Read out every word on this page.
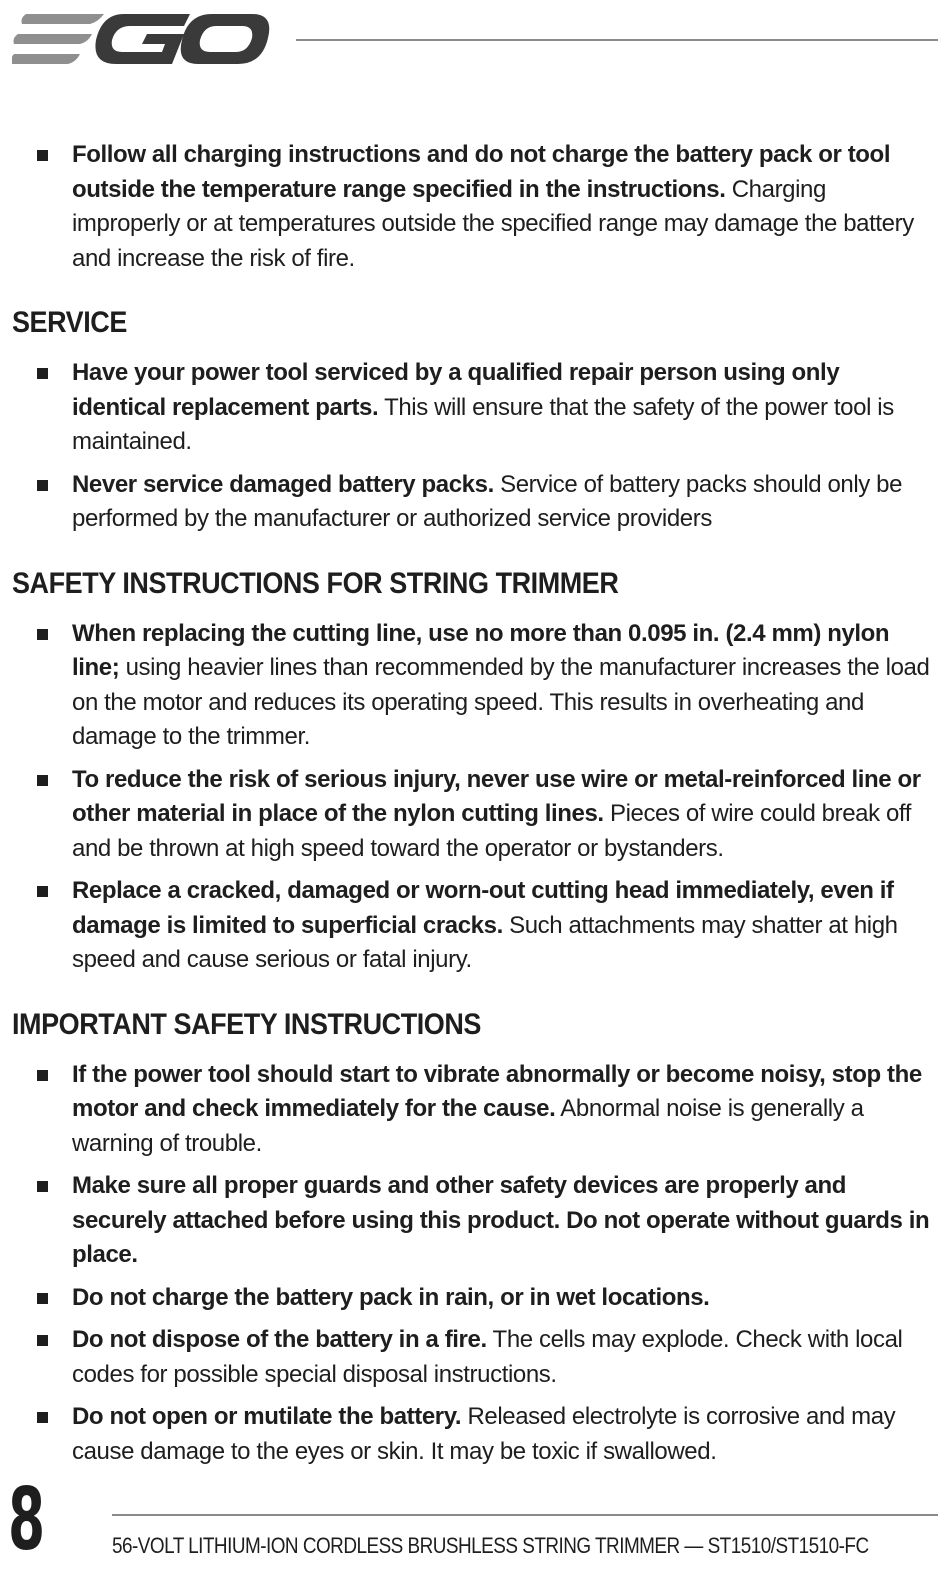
Follow all charging instructions and do not charge the battery pack or tool outside the temperature range specified in the instructions. Charging improperly or at temperatures outside the specified range may damage the battery and increase the risk of fire.
SERVICE
Have your power tool serviced by a qualified repair person using only identical replacement parts. This will ensure that the safety of the power tool is maintained.
Never service damaged battery packs. Service of battery packs should only be performed by the manufacturer or authorized service providers
SAFETY INSTRUCTIONS FOR STRING TRIMMER
When replacing the cutting line, use no more than 0.095 in. (2.4 mm) nylon line; using heavier lines than recommended by the manufacturer increases the load on the motor and reduces its operating speed. This results in overheating and damage to the trimmer.
To reduce the risk of serious injury, never use wire or metal-reinforced line or other material in place of the nylon cutting lines. Pieces of wire could break off and be thrown at high speed toward the operator or bystanders.
Replace a cracked, damaged or worn-out cutting head immediately, even if damage is limited to superficial cracks. Such attachments may shatter at high speed and cause serious or fatal injury.
IMPORTANT SAFETY INSTRUCTIONS
If the power tool should start to vibrate abnormally or become noisy, stop the motor and check immediately for the cause. Abnormal noise is generally a warning of trouble.
Make sure all proper guards and other safety devices are properly and securely attached before using this product. Do not operate without guards in place.
Do not charge the battery pack in rain, or in wet locations.
Do not dispose of the battery in a fire. The cells may explode. Check with local codes for possible special disposal instructions.
Do not open or mutilate the battery. Released electrolyte is corrosive and may cause damage to the eyes or skin. It may be toxic if swallowed.
8	56-VOLT LITHIUM-ION CORDLESS BRUSHLESS STRING TRIMMER — ST1510/ST1510-FC
